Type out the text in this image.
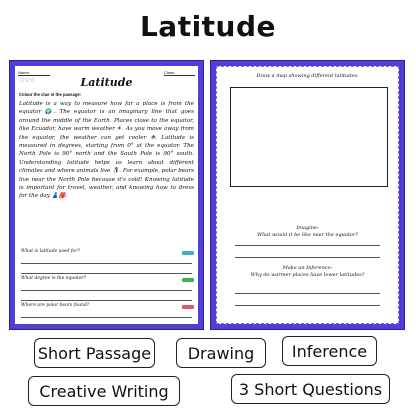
Latitude
Name:	Class:
☆☆☆	Latitude
Colour the clue in the passage:
Latitude is a way to measure how far a place is from the equator 🌍. The equator is an imaginary line that goes around the middle of the Earth. Places close to the equator, like Ecuador, have warm weather ☀. As you move away from the equator, the weather can get cooler ❄. Latitude is measured in degrees, starting from 0° at the equator. The North Pole is 90° north and the South Pole is 90° south. Understanding latitude helps us learn about different climates and where animals live 🐧. For example, polar bears live near the North Pole because it's cold! Knowing latitude is important for travel, weather, and knowing how to dress for the day 👗🎒.
What is latitude used for?
What degree is the equator?
Where are polar bears found?
Draw a map showing different latitudes.
Imagine:
What would it be like near the equator?
Make an Inference:
Why do warmer places have lower latitudes?
Short Passage	Drawing	Inference
Creative Writing	3 Short Questions
